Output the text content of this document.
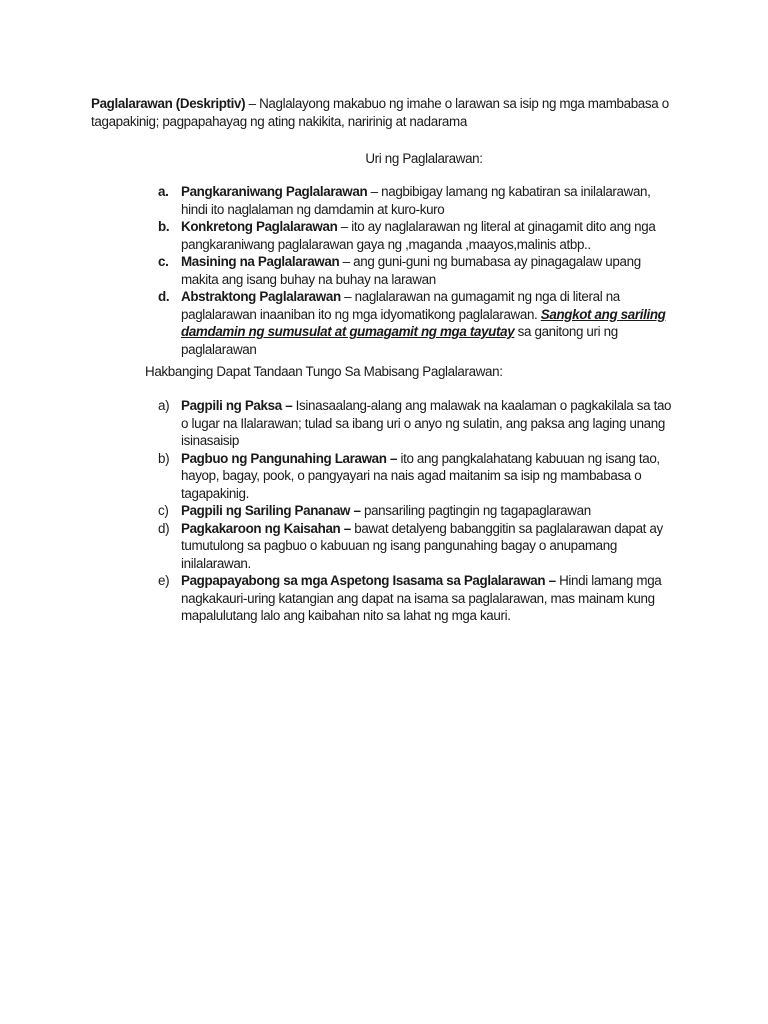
Paglalarawan (Deskriptiv) – Naglalayong makabuo ng imahe o larawan sa isip ng mga mambabasa o tagapakinig; pagpapahayag ng ating nakikita, naririnig at nadarama

Uri ng Paglalarawan:
a. Pangkaraniwang Paglalarawan – nagbibigay lamang ng kabatiran sa inilalarawan, hindi ito naglalaman ng damdamin at kuro-kuro
b. Konkretong Paglalarawan – ito ay naglalarawan ng literal at ginagamit dito ang nga pangkaraniwang paglalarawan gaya ng ,maganda ,maayos,malinis atbp..
c. Masining na Paglalarawan – ang guni-guni ng bumabasa ay pinagagalaw upang makita ang isang buhay na buhay na larawan
d. Abstraktong Paglalarawan – naglalarawan na gumagamit ng nga di literal na paglalarawan inaaniban ito ng mga idyomatikong paglalarawan. Sangkot ang sariling damdamin ng sumusulat at gumagamit ng mga tayutay sa ganitong uri ng paglalarawan
Hakbanging Dapat Tandaan Tungo Sa Mabisang Paglalarawan:
a) Pagpili ng Paksa – Isinasaalang-alang ang malawak na kaalaman o pagkakilala sa tao o lugar na Ilalarawan; tulad sa ibang uri o anyo ng sulatin, ang paksa ang laging unang isinasaisip
b) Pagbuo ng Pangunahing Larawan – ito ang pangkalahatang kabuuan ng isang tao, hayop, bagay, pook, o pangyayari na nais agad maitanim sa isip ng mambabasa o tagapakinig.
c) Pagpili ng Sariling Pananaw – pansariling pagtingin ng tagapaglarawan
d) Pagkakaroon ng Kaisahan – bawat detalyeng babanggitin sa paglalarawan dapat ay tumutulong sa pagbuo o kabuuan ng isang pangunahing bagay o anupamang inilalarawan.
e) Pagpapayabong sa mga Aspetong Isasama sa Paglalarawan – Hindi lamang mga nagkakauri-uring katangian ang dapat na isama sa paglalarawan, mas mainam kung mapalulutang lalo ang kaibahan nito sa lahat ng mga kauri.
